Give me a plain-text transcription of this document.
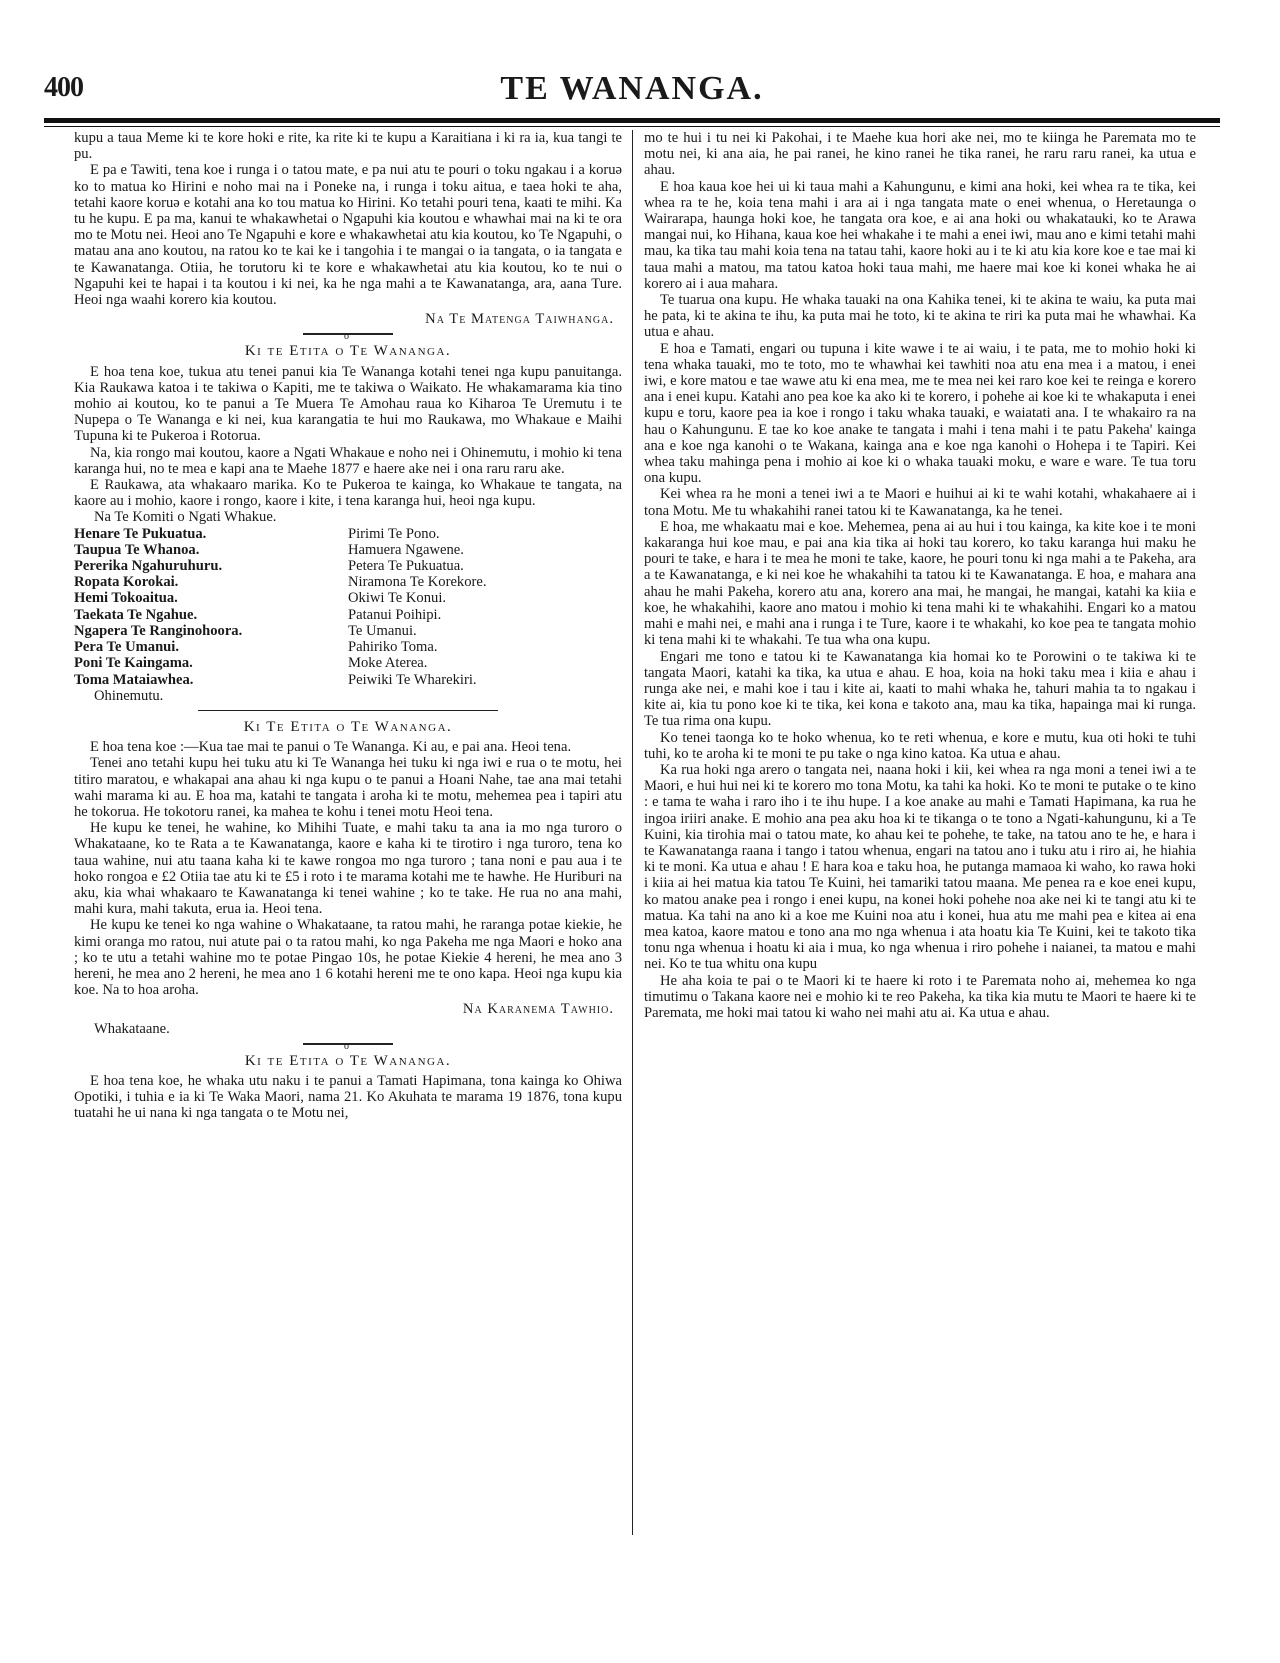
400	TE WANANGA.

kupu a taua Meme ki te kore hoki e rite, ka rite ki te kupu a Karaitiana i ki ra ia, kua tangi te pu.

E pa e Tawiti, tena koe i runga i o tatou mate, e pa nui atu te pouri o toku ngakau i a koruə ko to matua ko Hirini e noho mai na i Poneke na, i runga i toku aitua, e taea hoki te aha, tetahi kaore koruə e kotahi ana ko tou matua ko Hirini. Ko tetahi pouri tena, kaati te mihi. Ka tu he kupu. E pa ma, kanui te whakawhetai o Ngapuhi kia koutou e whawhai mai na ki te ora mo te Motu nei. Heoi ano Te Ngapuhi e kore e whakawhetai atu kia koutou, ko Te Ngapuhi, o matau ana ano koutou, na ratou ko te kai ke i tangohia i te mangai o ia tangata, o ia tangata e te Kawanatanga. Otiia, he torutoru ki te kore e whakawhetai atu kia koutou, ko te nui o Ngapuhi kei te hapai i ta koutou i ki nei, ka he nga mahi a te Kawanatanga, ara, aana Ture. Heoi nga waahi korero kia koutou.

Na Te Matenga Taiwhanga.
o
Ki te Etita o Te Wananga.

E hoa tena koe, tukua atu tenei panui kia Te Wananga kotahi tenei nga kupu panuitanga. Kia Raukawa katoa i te takiwa o Kapiti, me te takiwa o Waikato. He whakamarama kia tino mohio ai koutou, ko te panui a Te Muera Te Amohau raua ko Kiharoa Te Uremutu i te Nupepa o Te Wananga e ki nei, kua karangatia te hui mo Raukawa, mo Whakaue e Maihi Tupuna ki te Pukeroa i Rotorua.

Na, kia rongo mai koutou, kaore a Ngati Whakaue e noho nei i Ohinemutu, i mohio ki tena karanga hui, no te mea e kapi ana te Maehe 1877 e haere ake nei i ona raru raru ake.

E Raukawa, ata whakaaro marika. Ko te Pukeroa te kainga, ko Whakaue te tangata, na kaore au i mohio, kaore i rongo, kaore i kite, i tena karanga hui, heoi nga kupu.

Na Te Komiti o Ngati Whakue.
Henare Te Pukuatua.	Pirimi Te Pono.
Taupua Te Whanoa.	Hamuera Ngawene.
Pererika Ngahuruhuru.	Petera Te Pukuatua.
Ropata Korokai.	Niramona Te Korekore.
Hemi Tokoaitua.	Okiwi Te Konui.
Taekata Te Ngahue.	Patanui Poihipi.
Ngapera Te Ranginohoora.	Te Umanui.
Pera Te Umanui.	Pahiriko Toma.
Poni Te Kaingama.	Moke Aterea.
Toma Mataiawhea.	Peiwiki Te Wharekiri.
Ohinemutu.
Ki Te Etita o Te Wananga.

E hoa tena koe :—Kua tae mai te panui o Te Wananga. Ki au, e pai ana. Heoi tena.

Tenei ano tetahi kupu hei tuku atu ki Te Wananga hei tuku ki nga iwi e rua o te motu, hei titiro maratou, e whakapai ana ahau ki nga kupu o te panui a Hoani Nahe, tae ana mai tetahi wahi marama ki au. E hoa ma, katahi te tangata i aroha ki te motu, mehemea pea i tapiri atu he tokorua. He tokotoru ranei, ka mahea te kohu i tenei motu Heoi tena.

He kupu ke tenei, he wahine, ko Mihihi Tuate, e mahi taku ta ana ia mo nga turoro o Whakataane, ko te Rata a te Kawanatanga, kaore e kaha ki te tirotiro i nga turoro, tena ko taua wahine, nui atu taana kaha ki te kawe rongoa mo nga turoro ; tana noni e pau aua i te hoko rongoa e £2 Otiia tae atu ki te £5 i roto i te marama kotahi me te hawhe. He Huriburi na aku, kia whai whakaaro te Kawanatanga ki tenei wahine ; ko te take. He rua no ana mahi, mahi kura, mahi takuta, erua ia. Heoi tena.

He kupu ke tenei ko nga wahine o Whakataane, ta ratou mahi, he raranga potae kiekie, he kimi oranga mo ratou, nui atute pai o ta ratou mahi, ko nga Pakeha me nga Maori e hoko ana ; ko te utu a tetahi wahine mo te potae Pingao 10s, he potae Kiekie 4 hereni, he mea ano 3 hereni, he mea ano 2 hereni, he mea ano 1 6 kotahi hereni me te ono kapa. Heoi nga kupu kia koe. Na to hoa aroha.

Na Karanema Tawhio.
Whakataane.
o
Ki te Etita o Te Wananga.

E hoa tena koe, he whaka utu naku i te panui a Tamati Hapimana, tona kainga ko Ohiwa Opotiki, i tuhia e ia ki Te Waka Maori, nama 21. Ko Akuhata te marama 19 1876, tona kupu tuatahi he ui nana ki nga tangata o te Motu nei,

mo te hui i tu nei ki Pakohai, i te Maehe kua hori ake nei, mo te kiinga he Paremata mo te motu nei, ki ana aia, he pai ranei, he kino ranei he tika ranei, he raru raru ranei, ka utua e ahau.

E hoa kaua koe hei ui ki taua mahi a Kahungunu, e kimi ana hoki, kei whea ra te tika, kei whea ra te he, koia tena mahi i ara ai i nga tangata mate o enei whenua, o Heretaunga o Wairarapa, haunga hoki koe, he tangata ora koe, e ai ana hoki ou whakatauki, ko te Arawa mangai nui, ko Hihana, kaua koe hei whakahe i te mahi a enei iwi, mau ano e kimi tetahi mahi mau, ka tika tau mahi koia tena na tatau tahi, kaore hoki au i te ki atu kia kore koe e tae mai ki taua mahi a matou, ma tatou katoa hoki taua mahi, me haere mai koe ki konei whaka he ai korero ai i aua mahara.

Te tuarua ona kupu. He whaka tauaki na ona Kahika tenei, ki te akina te waiu, ka puta mai he pata, ki te akina te ihu, ka puta mai he toto, ki te akina te riri ka puta mai he whawhai. Ka utua e ahau.

E hoa e Tamati, engari ou tupuna i kite wawe i te ai waiu, i te pata, me to mohio hoki ki tena whaka tauaki, mo te toto, mo te whawhai kei tawhiti noa atu ena mea i a matou, i enei iwi, e kore matou e tae wawe atu ki ena mea, me te mea nei kei raro koe kei te reinga e korero ana i enei kupu. Katahi ano pea koe ka ako ki te korero, i pohehe ai koe ki te whakaputa i enei kupu e toru, kaore pea ia koe i rongo i taku whaka tauaki, e waiatati ana. I te whakairo ra na hau o Kahungunu. E tae ko koe anake te tangata i mahi i tena mahi i te patu Pakeha' kainga ana e koe nga kanohi o te Wakana, kainga ana e koe nga kanohi o Hohepa i te Tapiri. Kei whea taku mahinga pena i mohio ai koe ki o whaka tauaki moku, e ware e ware. Te tua toru ona kupu.

Kei whea ra he moni a tenei iwi a te Maori e huihui ai ki te wahi kotahi, whakahaere ai i tona Motu. Me tu whakahihi ranei tatou ki te Kawanatanga, ka he tenei.

E hoa, me whakaatu mai e koe. Mehemea, pena ai au hui i tou kainga, ka kite koe i te moni kakaranga hui koe mau, e pai ana kia tika ai hoki tau korero, ko taku karanga hui maku he pouri te take, e hara i te mea he moni te take, kaore, he pouri tonu ki nga mahi a te Pakeha, ara a te Kawanatanga, e ki nei koe he whakahihi ta tatou ki te Kawanatanga. E hoa, e mahara ana ahau he mahi Pakeha, korero atu ana, korero ana mai, he mangai, he mangai, katahi ka kiia e koe, he whakahihi, kaore ano matou i mohio ki tena mahi ki te whakahihi. Engari ko a matou mahi e mahi nei, e mahi ana i runga i te Ture, kaore i te whakahi, ko koe pea te tangata mohio ki tena mahi ki te whakahi. Te tua wha ona kupu.

Engari me tono e tatou ki te Kawanatanga kia homai ko te Porowini o te takiwa ki te tangata Maori, katahi ka tika, ka utua e ahau. E hoa, koia na hoki taku mea i kiia e ahau i runga ake nei, e mahi koe i tau i kite ai, kaati to mahi whaka he, tahuri mahia ta to ngakau i kite ai, kia tu pono koe ki te tika, kei kona e takoto ana, mau ka tika, hapainga mai ki runga. Te tua rima ona kupu.

Ko tenei taonga ko te hoko whenua, ko te reti whenua, e kore e mutu, kua oti hoki te tuhi tuhi, ko te aroha ki te moni te pu take o nga kino katoa. Ka utua e ahau.

Ka rua hoki nga arero o tangata nei, naana hoki i kii, kei whea ra nga moni a tenei iwi a te Maori, e hui hui nei ki te korero mo tona Motu, ka tahi ka hoki. Ko te moni te putake o te kino : e tama te waha i raro iho i te ihu hupe. I a koe anake au mahi e Tamati Hapimana, ka rua he ingoa iriiri anake. E mohio ana pea aku hoa ki te tikanga o te tono a Ngati-kahungunu, ki a Te Kuini, kia tirohia mai o tatou mate, ko ahau kei te pohehe, te take, na tatou ano te he, e hara i te Kawanatanga raana i tango i tatou whenua, engari na tatou ano i tuku atu i riro ai, he hiahia ki te moni. Ka utua e ahau ! E hara koa e taku hoa, he putanga mamaoa ki waho, ko rawa hoki i kiia ai hei matua kia tatou Te Kuini, hei tamariki tatou maana. Me penea ra e koe enei kupu, ko matou anake pea i rongo i enei kupu, na konei hoki pohehe noa ake nei ki te tangi atu ki te matua. Ka tahi na ano ki a koe me Kuini noa atu i konei, hua atu me mahi pea e kitea ai ena mea katoa, kaore matou e tono ana mo nga whenua i ata hoatu kia Te Kuini, kei te takoto tika tonu nga whenua i hoatu ki aia i mua, ko nga whenua i riro pohehe i naianei, ta matou e mahi nei. Ko te tua whitu ona kupu

He aha koia te pai o te Maori ki te haere ki roto i te Paremata noho ai, mehemea ko nga timutimu o Takana kaore nei e mohio ki te reo Pakeha, ka tika kia mutu te Maori te haere ki te Paremata, me hoki mai tatou ki waho nei mahi atu ai. Ka utua e ahau.
